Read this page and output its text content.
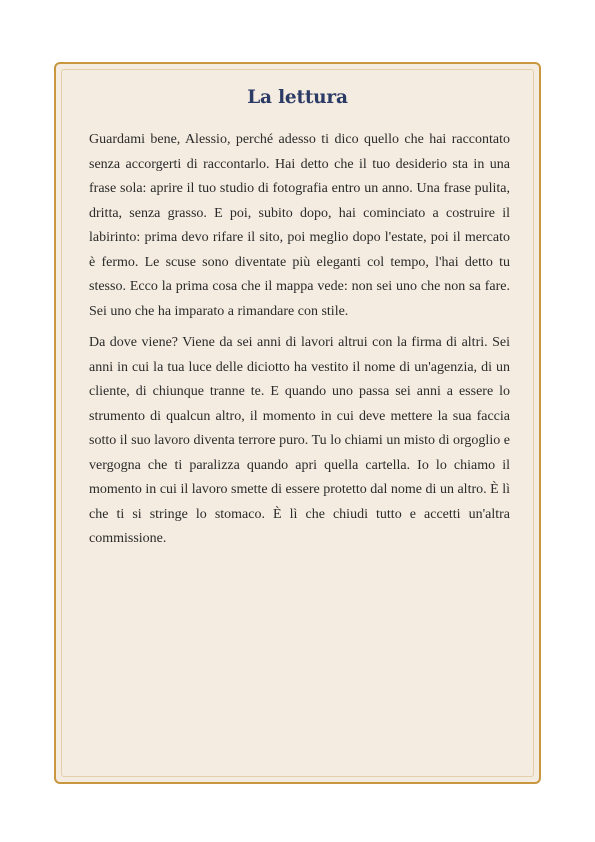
La lettura

Guardami bene, Alessio, perché adesso ti dico quello che hai raccontato senza accorgerti di raccontarlo. Hai detto che il tuo desiderio sta in una frase sola: aprire il tuo studio di fotografia entro un anno. Una frase pulita, dritta, senza grasso. E poi, subito dopo, hai cominciato a costruire il labirinto: prima devo rifare il sito, poi meglio dopo l'estate, poi il mercato è fermo. Le scuse sono diventate più eleganti col tempo, l'hai detto tu stesso. Ecco la prima cosa che il mappa vede: non sei uno che non sa fare. Sei uno che ha imparato a rimandare con stile.

Da dove viene? Viene da sei anni di lavori altrui con la firma di altri. Sei anni in cui la tua luce delle diciotto ha vestito il nome di un'agenzia, di un cliente, di chiunque tranne te. E quando uno passa sei anni a essere lo strumento di qualcun altro, il momento in cui deve mettere la sua faccia sotto il suo lavoro diventa terrore puro. Tu lo chiami un misto di orgoglio e vergogna che ti paralizza quando apri quella cartella. Io lo chiamo il momento in cui il lavoro smette di essere protetto dal nome di un altro. È lì che ti si stringe lo stomaco. È lì che chiudi tutto e accetti un'altra commissione.
